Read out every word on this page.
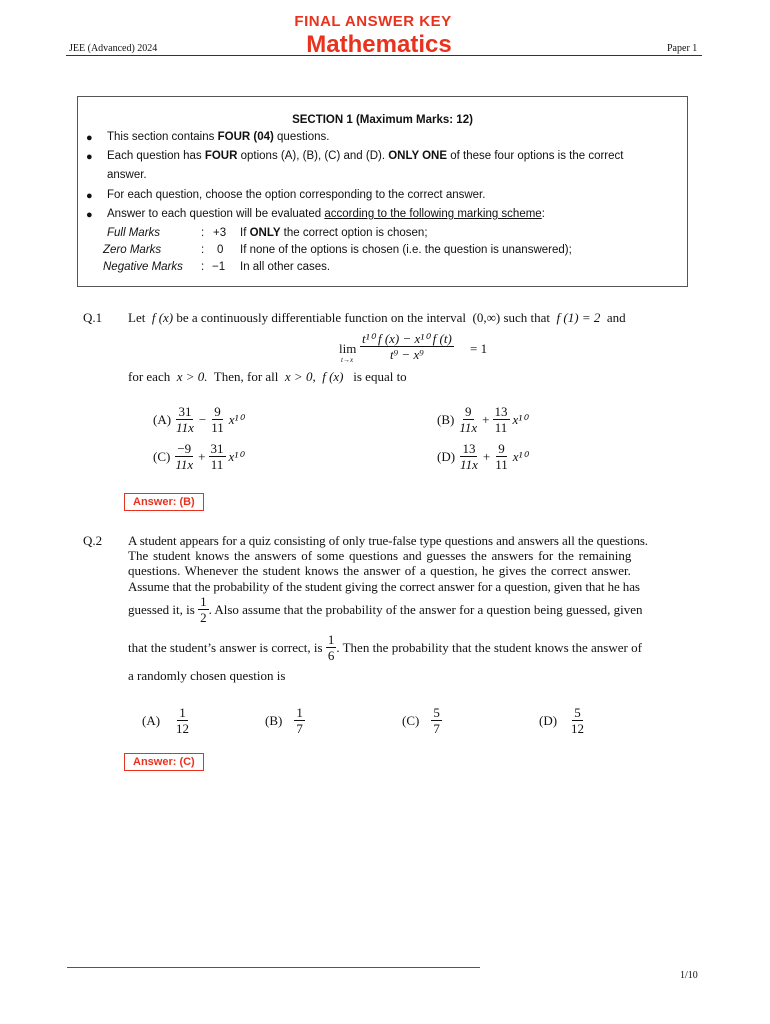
FINAL ANSWER KEY
Mathematics
JEE (Advanced) 2024	Paper 1
SECTION 1 (Maximum Marks: 12)
● This section contains FOUR (04) questions.
● Each question has FOUR options (A), (B), (C) and (D). ONLY ONE of these four options is the correct
answer.
● For each question, choose the option corresponding to the correct answer.
● Answer to each question will be evaluated according to the following marking scheme:
Full Marks	: +3 If ONLY the correct option is chosen;
Zero Marks	: 0 If none of the options is chosen (i.e. the question is unanswered);
Negative Marks : −1 In all other cases.
Q.1 Let f (x) be a continuously differentiable function on the interval (0,∞) such that f (1) = 2 and
lim
$t\to x \frac{\text{t¹⁰ f (x) − x¹⁰ f (t)}}{\text{t⁹ − x⁹}} = 1$
for each x > 0. Then, for all x > 0, f (x) is equal to
$(A) \frac{31}{11x} - \frac{9}{11} x^{10}$	$(B) \frac{9}{11x} + \frac{13}{11} x^{10}$
$(C) \frac{-9}{11x} + \frac{31}{11} x^{10}$	$(D) \frac{13}{11x} + \frac{9}{11} x^{10}$
Answer: (B)
Q.2 A student appears for a quiz consisting of only true-false type questions and answers all the questions.
The student knows the answers of some questions and guesses the answers for the remaining
questions. Whenever the student knows the answer of a question, he gives the correct answer.
Assume that the probability of the student giving the correct answer for a question, given that he has
guessed it, is
$\frac{1}{2}$ . Also assume that the probability of the answer for a question being guessed, given
that the student’s answer is correct, is
$\frac{1}{6}$ . Then the probability that the student knows the answer of
a randomly chosen question is
$(A) \frac{1}{12}$	$(B) \frac{1}{7}$	$(C) \frac{5}{7}$	$(D) \frac{5}{12}$
Answer: (C)
1/10
